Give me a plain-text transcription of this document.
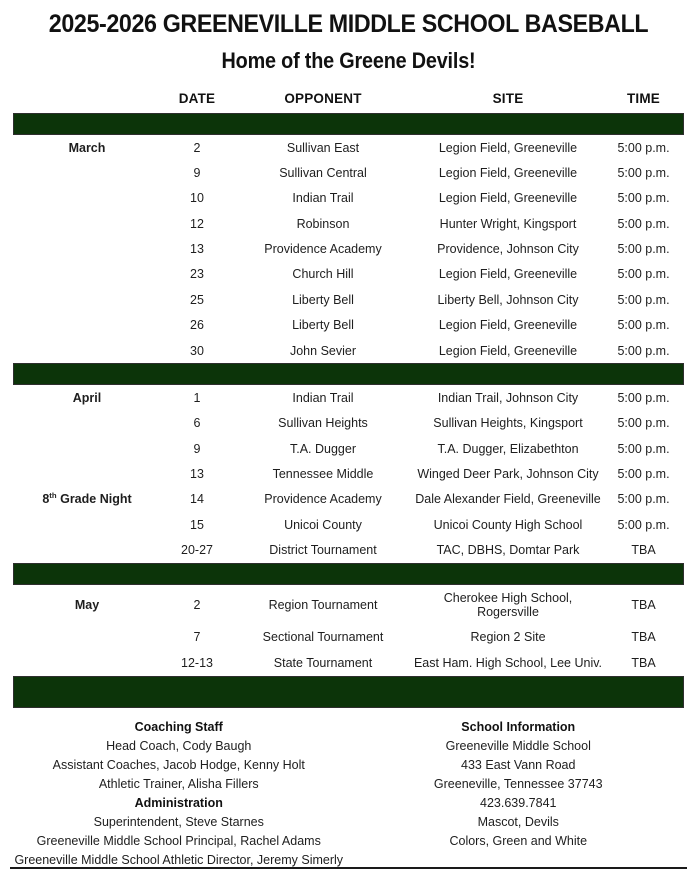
2025-2026 GREENEVILLE MIDDLE SCHOOL BASEBALL
Home of the Greene Devils!
	DATE	OPPONENT	SITE	TIME

March	2	Sullivan East	Legion Field, Greeneville	5:00 p.m.
	9	Sullivan Central	Legion Field, Greeneville	5:00 p.m.
	10	Indian Trail	Legion Field, Greeneville	5:00 p.m.
	12	Robinson	Hunter Wright, Kingsport	5:00 p.m.
	13	Providence Academy	Providence, Johnson City	5:00 p.m.
	23	Church Hill	Legion Field, Greeneville	5:00 p.m.
	25	Liberty Bell	Liberty Bell, Johnson City	5:00 p.m.
	26	Liberty Bell	Legion Field, Greeneville	5:00 p.m.
	30	John Sevier	Legion Field, Greeneville	5:00 p.m.

April	1	Indian Trail	Indian Trail, Johnson City	5:00 p.m.
	6	Sullivan Heights	Sullivan Heights, Kingsport	5:00 p.m.
	9	T.A. Dugger	T.A. Dugger, Elizabethton	5:00 p.m.
	13	Tennessee Middle	Winged Deer Park, Johnson City	5:00 p.m.
8th Grade Night	14	Providence Academy	Dale Alexander Field, Greeneville	5:00 p.m.
	15	Unicoi County	Unicoi County High School	5:00 p.m.
	20-27	District Tournament	TAC, DBHS, Domtar Park	TBA

May	2	Region Tournament	Cherokee High School, Rogersville	TBA
	7	Sectional Tournament	Region 2 Site	TBA
	12-13	State Tournament	East Ham. High School, Lee Univ.	TBA

Coaching Staff
Head Coach, Cody Baugh
Assistant Coaches, Jacob Hodge, Kenny Holt
Athletic Trainer, Alisha Fillers
Administration
Superintendent, Steve Starnes
Greeneville Middle School Principal, Rachel Adams
Greeneville Middle School Athletic Director, Jeremy Simerly
School Information
Greeneville Middle School
433 East Vann Road
Greeneville, Tennessee 37743
423.639.7841
Mascot, Devils
Colors, Green and White
